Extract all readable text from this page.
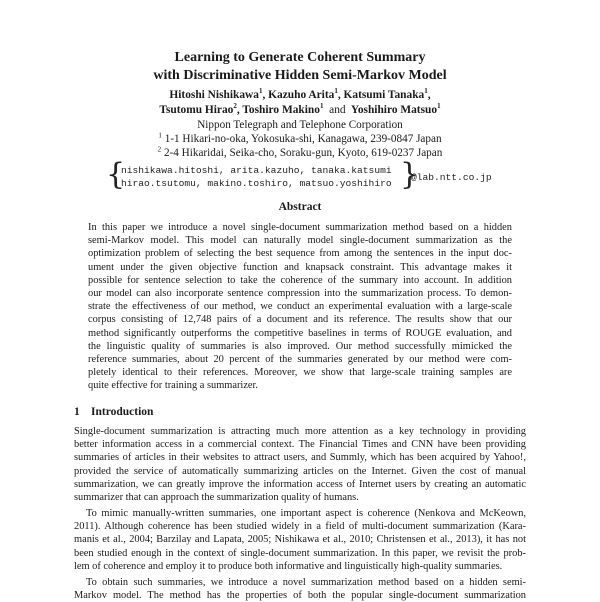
Learning to Generate Coherent Summary
with Discriminative Hidden Semi-Markov Model
Hitoshi Nishikawa$^1$, Kazuho Arita$^1$, Katsumi Tanaka$^1$,
Tsutomu Hirao$^2$, Toshiro Makino$^1$ and Yoshihiro Matsuo$^1$
Nippon Telegraph and Telephone Corporation
$^1$ 1-1 Hikari-no-oka, Yokosuka-shi, Kanagawa, 239-0847 Japan
$^2$ 2-4 Hikaridai, Seika-cho, Soraku-gun, Kyoto, 619-0237 Japan
{
nishikawa.hitoshi, arita.kazuho, tanaka.katsumi
hirao.tsutomu, makino.toshiro, matsuo.yoshihiro }
@lab.ntt.co.jp
Abstract
In this paper we introduce a novel single-document summarization method based on a hidden
semi-Markov model. This model can naturally model single-document summarization as the
optimization problem of selecting the best sequence from among the sentences in the input doc-
ument under the given objective function and knapsack constraint. This advantage makes it
possible for sentence selection to take the coherence of the summary into account. In addition
our model can also incorporate sentence compression into the summarization process. To demon-
strate the effectiveness of our method, we conduct an experimental evaluation with a large-scale
corpus consisting of 12,748 pairs of a document and its reference. The results show that our
method significantly outperforms the competitive baselines in terms of ROUGE evaluation, and
the linguistic quality of summaries is also improved. Our method successfully mimicked the
reference summaries, about 20 percent of the summaries generated by our method were com-
pletely identical to their references. Moreover, we show that large-scale training samples are
quite effective for training a summarizer.
1 Introduction
Single-document summarization is attracting much more attention as a key technology in providing
better information access in a commercial context. The Financial Times and CNN have been providing
summaries of articles in their websites to attract users, and Summly, which has been acquired by Yahoo!,
provided the service of automatically summarizing articles on the Internet. Given the cost of manual
summarization, we can greatly improve the information access of Internet users by creating an automatic
summarizer that can approach the summarization quality of humans.
To mimic manually-written summaries, one important aspect is coherence (Nenkova and McKeown,
2011). Although coherence has been studied widely in a field of multi-document summarization (Kara-
manis et al., 2004; Barzilay and Lapata, 2005; Nishikawa et al., 2010; Christensen et al., 2013), it has not
been studied enough in the context of single-document summarization. In this paper, we revisit the prob-
lem of coherence and employ it to produce both informative and linguistically high-quality summaries.
To obtain such summaries, we introduce a novel summarization method based on a hidden semi-
Markov model. The method has the properties of both the popular single-document summarization
